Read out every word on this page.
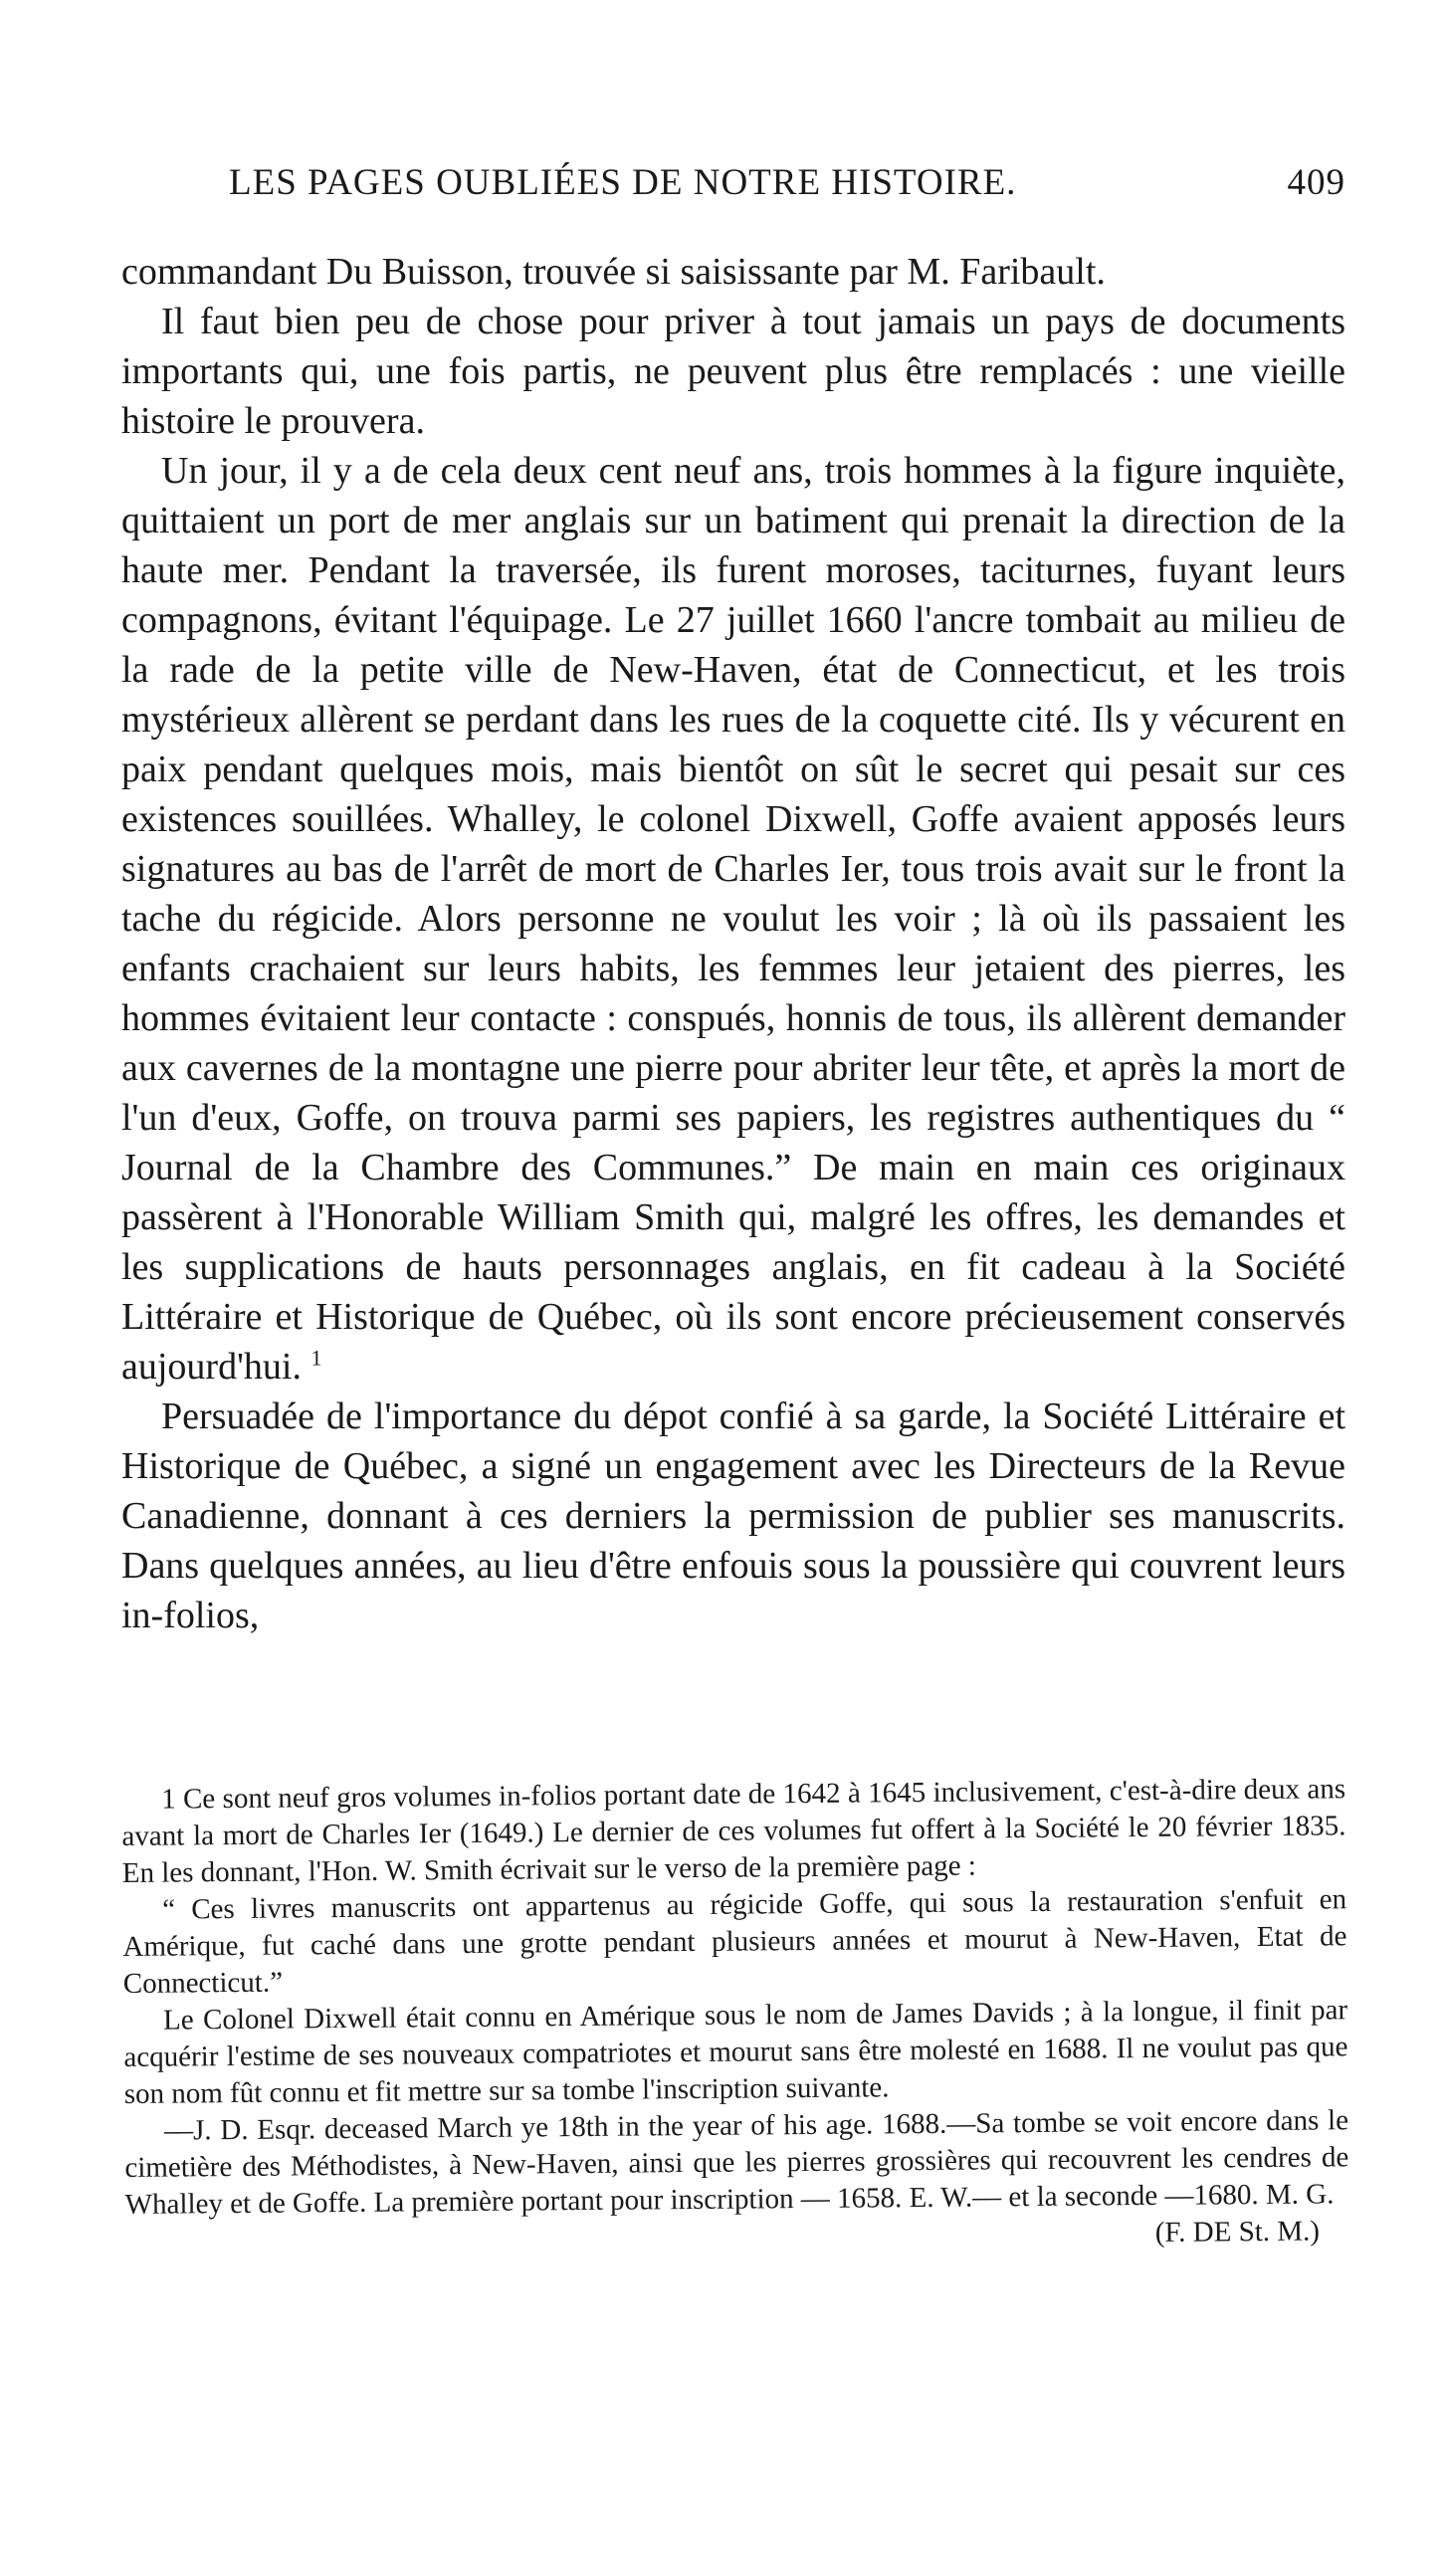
LES PAGES OUBLIÉES DE NOTRE HISTOIRE.	409

commandant Du Buisson, trouvée si saisissante par M. Faribault.

Il faut bien peu de chose pour priver à tout jamais un pays de documents importants qui, une fois partis, ne peuvent plus être remplacés : une vieille histoire le prouvera.

Un jour, il y a de cela deux cent neuf ans, trois hommes à la figure inquiète, quittaient un port de mer anglais sur un batiment qui prenait la direction de la haute mer. Pendant la traversée, ils furent moroses, taciturnes, fuyant leurs compagnons, évitant l'équipage. Le 27 juillet 1660 l'ancre tombait au milieu de la rade de la petite ville de New-Haven, état de Connecticut, et les trois mystérieux allèrent se perdant dans les rues de la coquette cité. Ils y vécurent en paix pendant quelques mois, mais bientôt on sût le secret qui pesait sur ces existences souillées. Whalley, le colonel Dixwell, Goffe avaient apposés leurs signatures au bas de l'arrêt de mort de Charles Ier, tous trois avait sur le front la tache du régicide. Alors personne ne voulut les voir ; là où ils passaient les enfants crachaient sur leurs habits, les femmes leur jetaient des pierres, les hommes évitaient leur contacte : conspués, honnis de tous, ils allèrent demander aux cavernes de la montagne une pierre pour abriter leur tête, et après la mort de l'un d'eux, Goffe, on trouva parmi ses papiers, les registres authentiques du “ Journal de la Chambre des Communes.” De main en main ces originaux passèrent à l'Honorable William Smith qui, malgré les offres, les demandes et les supplications de hauts personnages anglais, en fit cadeau à la Société Littéraire et Historique de Québec, où ils sont encore précieusement conservés aujourd'hui. $^1$

Persuadée de l'importance du dépot confié à sa garde, la Société Littéraire et Historique de Québec, a signé un engagement avec les Directeurs de la Revue Canadienne, donnant à ces derniers la permission de publier ses manuscrits. Dans quelques années, au lieu d'être enfouis sous la poussière qui couvrent leurs in-folios,

1 Ce sont neuf gros volumes in-folios portant date de 1642 à 1645 inclusivement, c'est-à-dire deux ans avant la mort de Charles Ier (1649.) Le dernier de ces volumes fut offert à la Société le 20 février 1835. En les donnant, l'Hon. W. Smith écrivait sur le verso de la première page :

“ Ces livres manuscrits ont appartenus au régicide Goffe, qui sous la restauration s'enfuit en Amérique, fut caché dans une grotte pendant plusieurs années et mourut à New-Haven, Etat de Connecticut.”

Le Colonel Dixwell était connu en Amérique sous le nom de James Davids ; à la longue, il finit par acquérir l'estime de ses nouveaux compatriotes et mourut sans être molesté en 1688. Il ne voulut pas que son nom fût connu et fit mettre sur sa tombe l'inscription suivante.

—J. D. Esqr. deceased March ye 18th in the year of his age. 1688.—Sa tombe se voit encore dans le cimetière des Méthodistes, à New-Haven, ainsi que les pierres grossières qui recouvrent les cendres de Whalley et de Goffe. La première portant pour inscription — 1658. E. W.— et la seconde —1680. M. G.

(F. DE St. M.)
